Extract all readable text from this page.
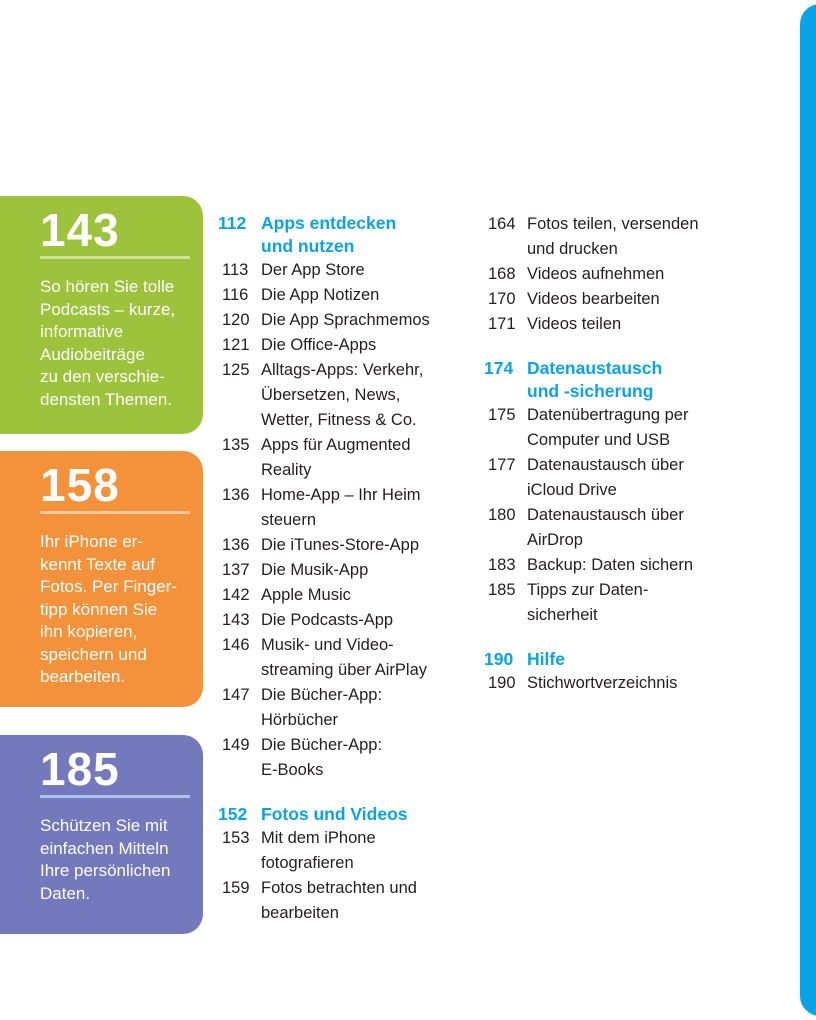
143
So hören Sie tolle
Podcasts – kurze,
informative
Audiobeiträge
zu den verschie-
densten Themen.
158
Ihr iPhone er-
kennt Texte auf
Fotos. Per Finger-
tipp können Sie
ihn kopieren,
speichern und
bearbeiten.
185
Schützen Sie mit
einfachen Mitteln
Ihre persönlichen
Daten.
112 Apps entdecken
und nutzen
113 Der App Store
116 Die App Notizen
120 Die App Sprachmemos
121 Die Office-Apps
125 Alltags-Apps: Verkehr,
Übersetzen, News,
Wetter, Fitness & Co.
135 Apps für Augmented
Reality
136 Home-App – Ihr Heim
steuern
136 Die iTunes-Store-App
137 Die Musik-App
142 Apple Music
143 Die Podcasts-App
146 Musik- und Video-
streaming über AirPlay
147 Die Bücher-App:
Hörbücher
149 Die Bücher-App:
E-Books
152 Fotos und Videos
153 Mit dem iPhone
fotografieren
159 Fotos betrachten und
bearbeiten
164 Fotos teilen, versenden
und drucken
168 Videos aufnehmen
170 Videos bearbeiten
171 Videos teilen
174 Datenaustausch
und -sicherung
175 Datenübertragung per
Computer und USB
177 Datenaustausch über
iCloud Drive
180 Datenaustausch über
AirDrop
183 Backup: Daten sichern
185 Tipps zur Daten-
sicherheit
190 Hilfe
190 Stichwortverzeichnis
